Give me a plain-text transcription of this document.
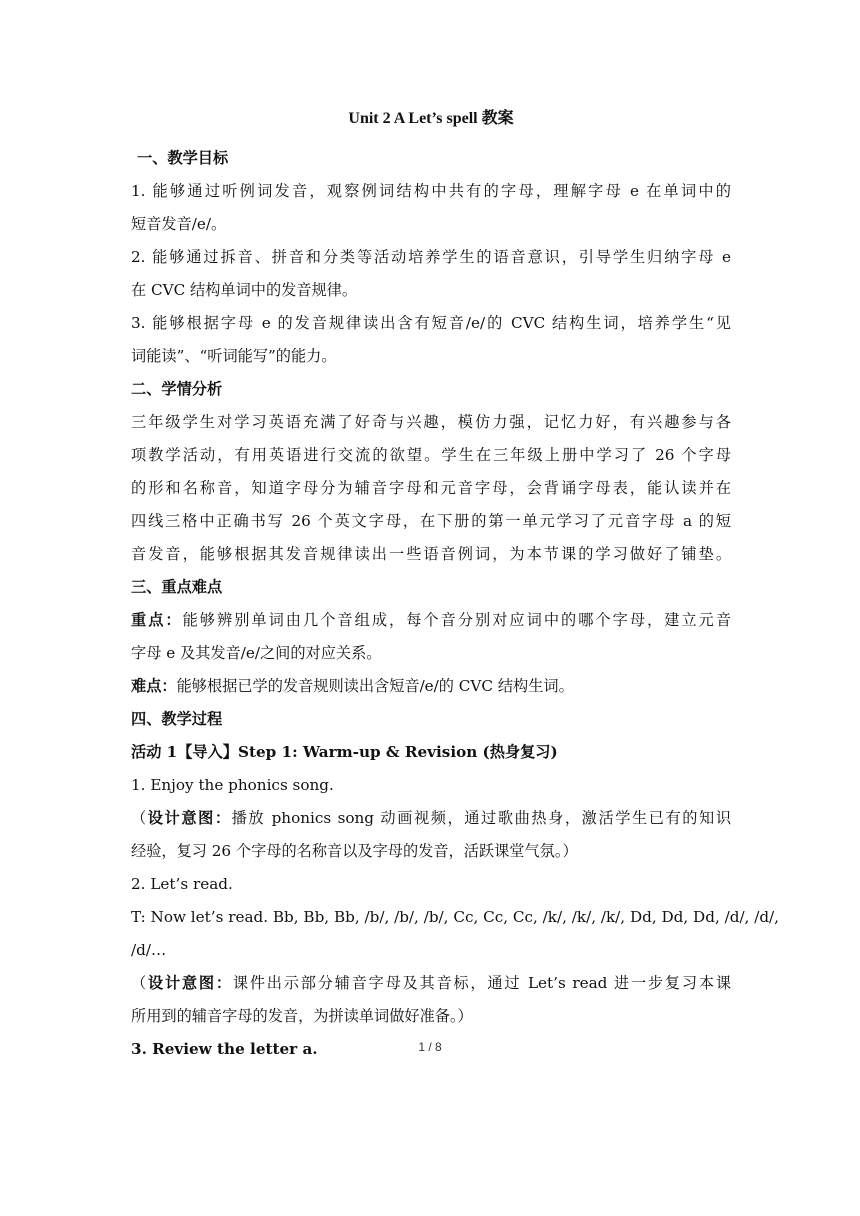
Unit 2 A Let’s spell 教案
一、教学目标
1. 能够通过听例词发音，观察例词结构中共有的字母，理解字母 e 在单词中的
短音发音/e/。
2. 能够通过拆音、拼音和分类等活动培养学生的语音意识，引导学生归纳字母 e
在 CVC 结构单词中的发音规律。
3. 能够根据字母 e 的发音规律读出含有短音/e/的 CVC 结构生词，培养学生“见
词能读”、“听词能写”的能力。
二、学情分析
三年级学生对学习英语充满了好奇与兴趣，模仿力强，记忆力好，有兴趣参与各
项教学活动，有用英语进行交流的欲望。学生在三年级上册中学习了 26 个字母
的形和名称音，知道字母分为辅音字母和元音字母，会背诵字母表，能认读并在
四线三格中正确书写 26 个英文字母，在下册的第一单元学习了元音字母 a 的短
音发音，能够根据其发音规律读出一些语音例词，为本节课的学习做好了铺垫。
三、重点难点
重点：能够辨别单词由几个音组成，每个音分别对应词中的哪个字母，建立元音
字母 e 及其发音/e/之间的对应关系。
难点：能够根据已学的发音规则读出含短音/e/的 CVC 结构生词。
四、教学过程
活动 1【导入】Step 1: Warm-up & Revision (热身复习)
1. Enjoy the phonics song.
（设计意图：播放 phonics song 动画视频，通过歌曲热身，激活学生已有的知识
经验，复习 26 个字母的名称音以及字母的发音，活跃课堂气氛。）
2. Let’s read.
T: Now let’s read. Bb, Bb, Bb, /b/, /b/, /b/, Cc, Cc, Cc, /k/, /k/, /k/, Dd, Dd, Dd, /d/, /d/,
/d/…
（设计意图：课件出示部分辅音字母及其音标，通过 Let’s read 进一步复习本课
所用到的辅音字母的发音，为拼读单词做好准备。）
3. Review the letter a.	1 / 8
